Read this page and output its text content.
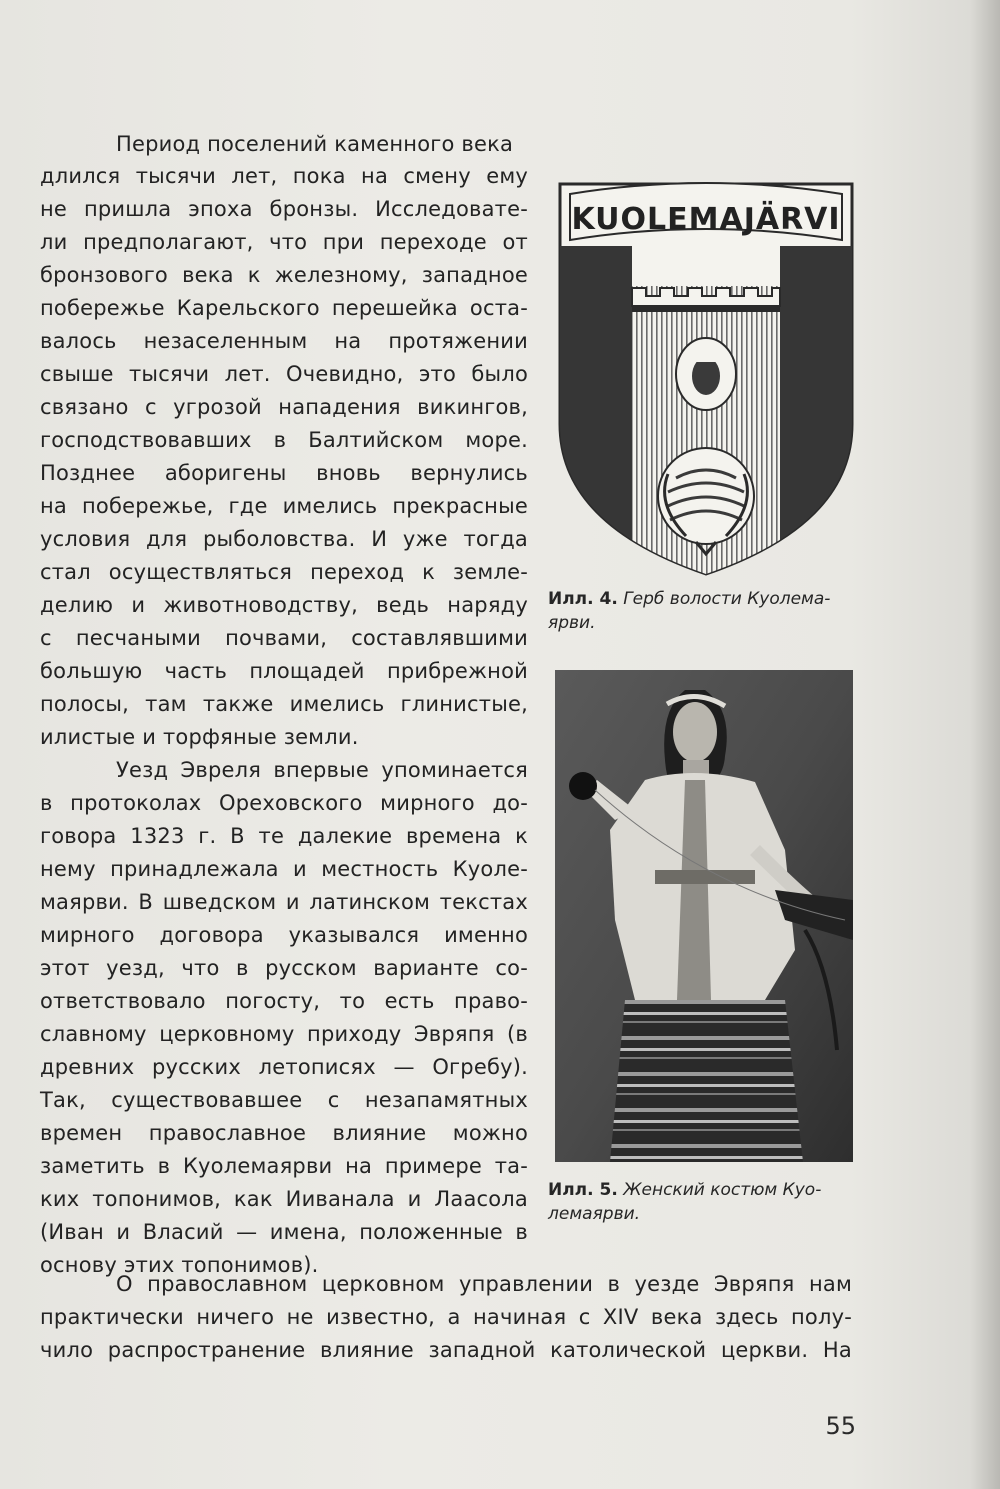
Период поселений каменного века
длился тысячи лет, пока на смену ему
не пришла эпоха бронзы. Исследовате-
ли предполагают, что при переходе от
бронзового века к железному, западное
побережье Карельского перешейка оста-
валось незаселенным на протяжении
свыше тысячи лет. Очевидно, это было
связано с угрозой нападения викингов,
господствовавших в Балтийском море.
Позднее аборигены вновь вернулись
на побережье, где имелись прекрасные
условия для рыболовства. И уже тогда
стал осуществляться переход к земле-
делию и животноводству, ведь наряду
с песчаными почвами, составлявшими
большую часть площадей прибрежной
полосы, там также имелись глинистые,
илистые и торфяные земли.
Уезд Эвреля впервые упоминается
в протоколах Ореховского мирного до-
говора 1323 г. В те далекие времена к
нему принадлежала и местность Куоле-
маярви. В шведском и латинском текстах
мирного договора указывался именно
этот уезд, что в русском варианте со-
ответствовало погосту, то есть право-
славному церковному приходу Эвряпя (в
древних русских летописях — Огребу).
Так, существовавшее с незапамятных
времен православное влияние можно
заметить в Куолемаярви на примере та-
ких топонимов, как Ииванала и Лаасола
(Иван и Власий — имена, положенные в
основу этих топонимов).
О православном церковном управлении в уезде Эвряпя нам
практически ничего не известно, а начиная с XIV века здесь полу-
чило распространение влияние западной католической церкви. На
KUOLEMAJÄRVI
Илл. 4. Герб волости Куолема-
ярви.
Илл. 5. Женский костюм Куо-
лемаярви.
55
